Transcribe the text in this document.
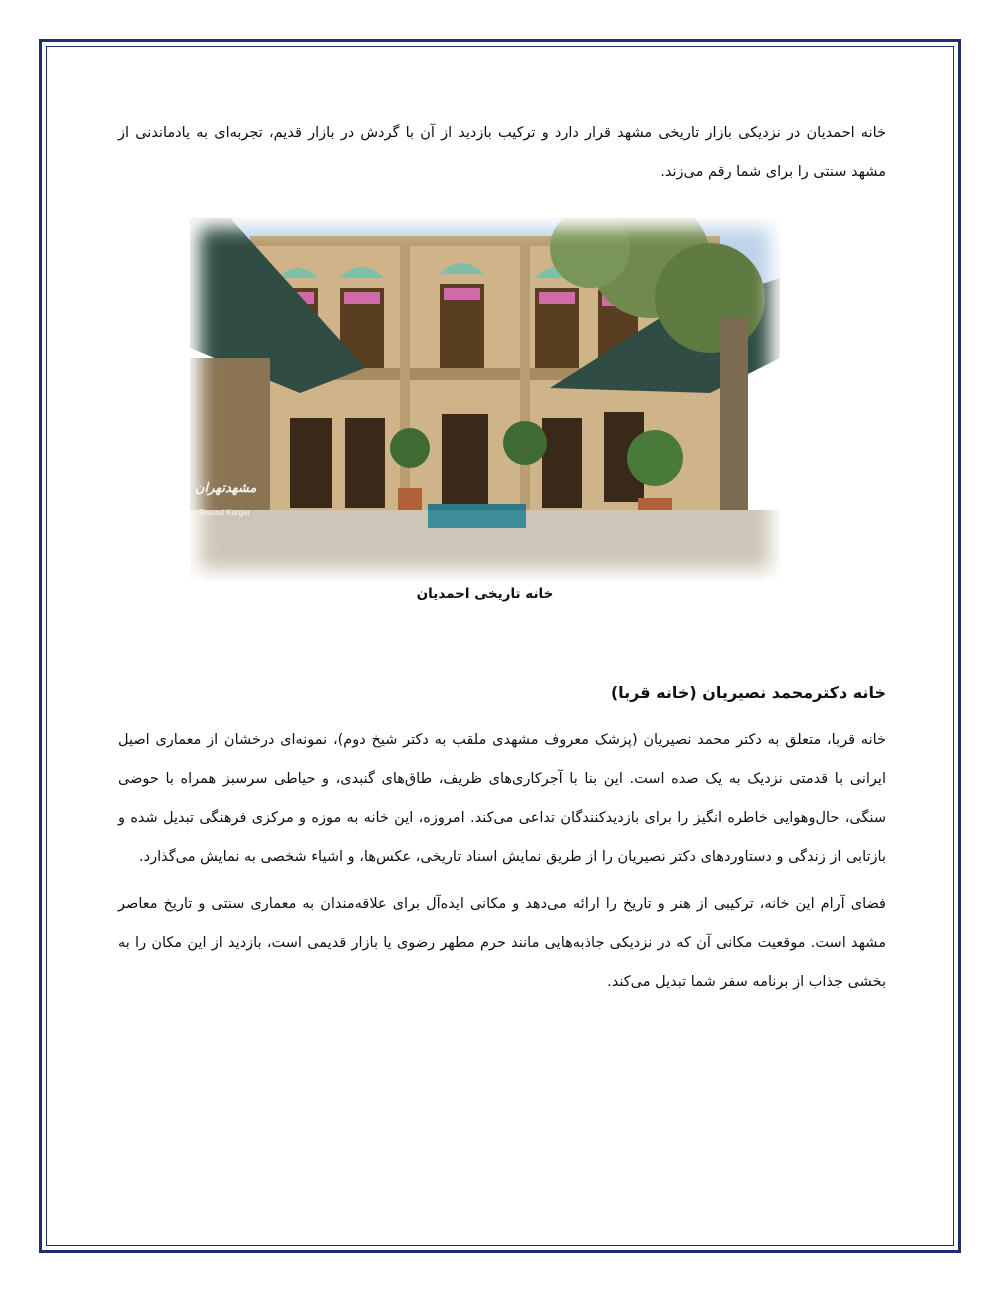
خانه احمدیان در نزدیکی بازار تاریخی مشهد قرار دارد و ترکیب بازدید از آن با گردش در بازار قدیم، تجربه‌ای به یادماندنی از مشهد سنتی را برای شما رقم می‌زند.

مشهدتهران
Rasoul Kargar
خانه تاریخی احمدیان
خانه دکترمحمد نصیریان (خانه قربا)

خانه قربا، متعلق به دکتر محمد نصیریان (پزشک معروف مشهدی ملقب به دکتر شیخ دوم)، نمونه‌ای درخشان از معماری اصیل ایرانی با قدمتی نزدیک به یک صده است. این بنا با آجرکاری‌های ظریف، طاق‌های گنبدی، و حیاطی سرسبز همراه با حوضی سنگی، حال‌وهوایی خاطره انگیز را برای بازدیدکنندگان تداعی می‌کند. امروزه، این خانه به موزه و مرکزی فرهنگی تبدیل شده و بازتابی از زندگی و دستاوردهای دکتر نصیریان را از طریق نمایش اسناد تاریخی، عکس‌ها، و اشیاء شخصی به نمایش می‌گذارد.

فضای آرام این خانه، ترکیبی از هنر و تاریخ را ارائه می‌دهد و مکانی ایده‌آل برای علاقه‌مندان به معماری سنتی و تاریخ معاصر مشهد است. موقعیت مکانی آن که در نزدیکی جاذبه‌هایی مانند حرم مطهر رضوی یا بازار قدیمی است، بازدید از این مکان را به بخشی جذاب از برنامه سفر شما تبدیل می‌کند.
